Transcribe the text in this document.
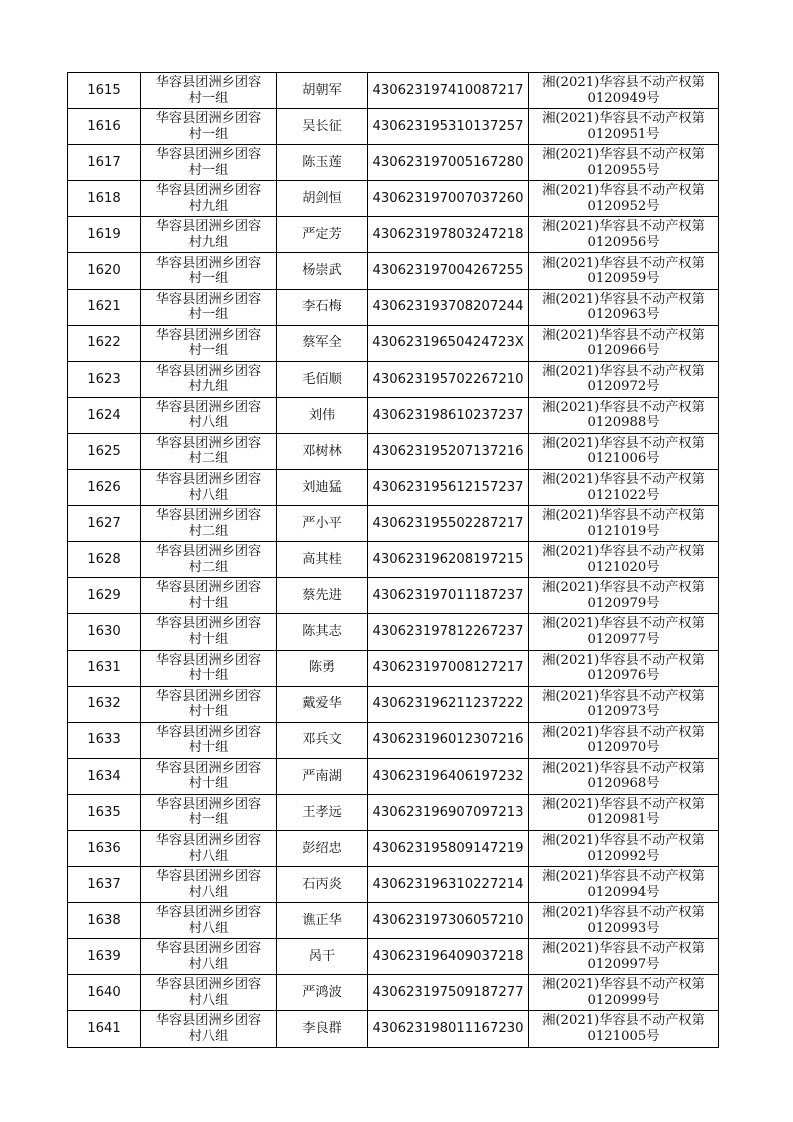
1615	华容县团洲乡团容
村一组	胡朝军	430623197410087217	湘(2021)华容县不动产权第
0120949号

1616	华容县团洲乡团容
村一组	吴长征	430623195310137257	湘(2021)华容县不动产权第
0120951号

1617	华容县团洲乡团容
村一组	陈玉莲	430623197005167280	湘(2021)华容县不动产权第
0120955号

1618	华容县团洲乡团容
村九组	胡剑恒	430623197007037260	湘(2021)华容县不动产权第
0120952号

1619	华容县团洲乡团容
村九组	严定芳	430623197803247218	湘(2021)华容县不动产权第
0120956号

1620	华容县团洲乡团容
村一组	杨崇武	430623197004267255	湘(2021)华容县不动产权第
0120959号

1621	华容县团洲乡团容
村一组	李石梅	430623193708207244	湘(2021)华容县不动产权第
0120963号

1622	华容县团洲乡团容
村一组	蔡军全	43062319650424723X	湘(2021)华容县不动产权第
0120966号

1623	华容县团洲乡团容
村九组	毛佰顺	430623195702267210	湘(2021)华容县不动产权第
0120972号

1624	华容县团洲乡团容
村八组	刘伟	430623198610237237	湘(2021)华容县不动产权第
0120988号

1625	华容县团洲乡团容
村二组	邓树林	430623195207137216	湘(2021)华容县不动产权第
0121006号

1626	华容县团洲乡团容
村八组	刘迪猛	430623195612157237	湘(2021)华容县不动产权第
0121022号

1627	华容县团洲乡团容
村二组	严小平	430623195502287217	湘(2021)华容县不动产权第
0121019号

1628	华容县团洲乡团容
村二组	高其桂	430623196208197215	湘(2021)华容县不动产权第
0121020号

1629	华容县团洲乡团容
村十组	蔡先进	430623197011187237	湘(2021)华容县不动产权第
0120979号

1630	华容县团洲乡团容
村十组	陈其志	430623197812267237	湘(2021)华容县不动产权第
0120977号

1631	华容县团洲乡团容
村十组	陈勇	430623197008127217	湘(2021)华容县不动产权第
0120976号

1632	华容县团洲乡团容
村十组	戴爱华	430623196211237222	湘(2021)华容县不动产权第
0120973号

1633	华容县团洲乡团容
村十组	邓兵文	430623196012307216	湘(2021)华容县不动产权第
0120970号

1634	华容县团洲乡团容
村十组	严南湖	430623196406197232	湘(2021)华容县不动产权第
0120968号

1635	华容县团洲乡团容
村一组	王孝远	430623196907097213	湘(2021)华容县不动产权第
0120981号

1636	华容县团洲乡团容
村八组	彭绍忠	430623195809147219	湘(2021)华容县不动产权第
0120992号

1637	华容县团洲乡团容
村八组	石丙炎	430623196310227214	湘(2021)华容县不动产权第
0120994号

1638	华容县团洲乡团容
村八组	谯正华	430623197306057210	湘(2021)华容县不动产权第
0120993号

1639	华容县团洲乡团容
村八组	呙干	430623196409037218	湘(2021)华容县不动产权第
0120997号

1640	华容县团洲乡团容
村八组	严鸿波	430623197509187277	湘(2021)华容县不动产权第
0120999号

1641	华容县团洲乡团容
村八组	李良群	430623198011167230	湘(2021)华容县不动产权第
0121005号
